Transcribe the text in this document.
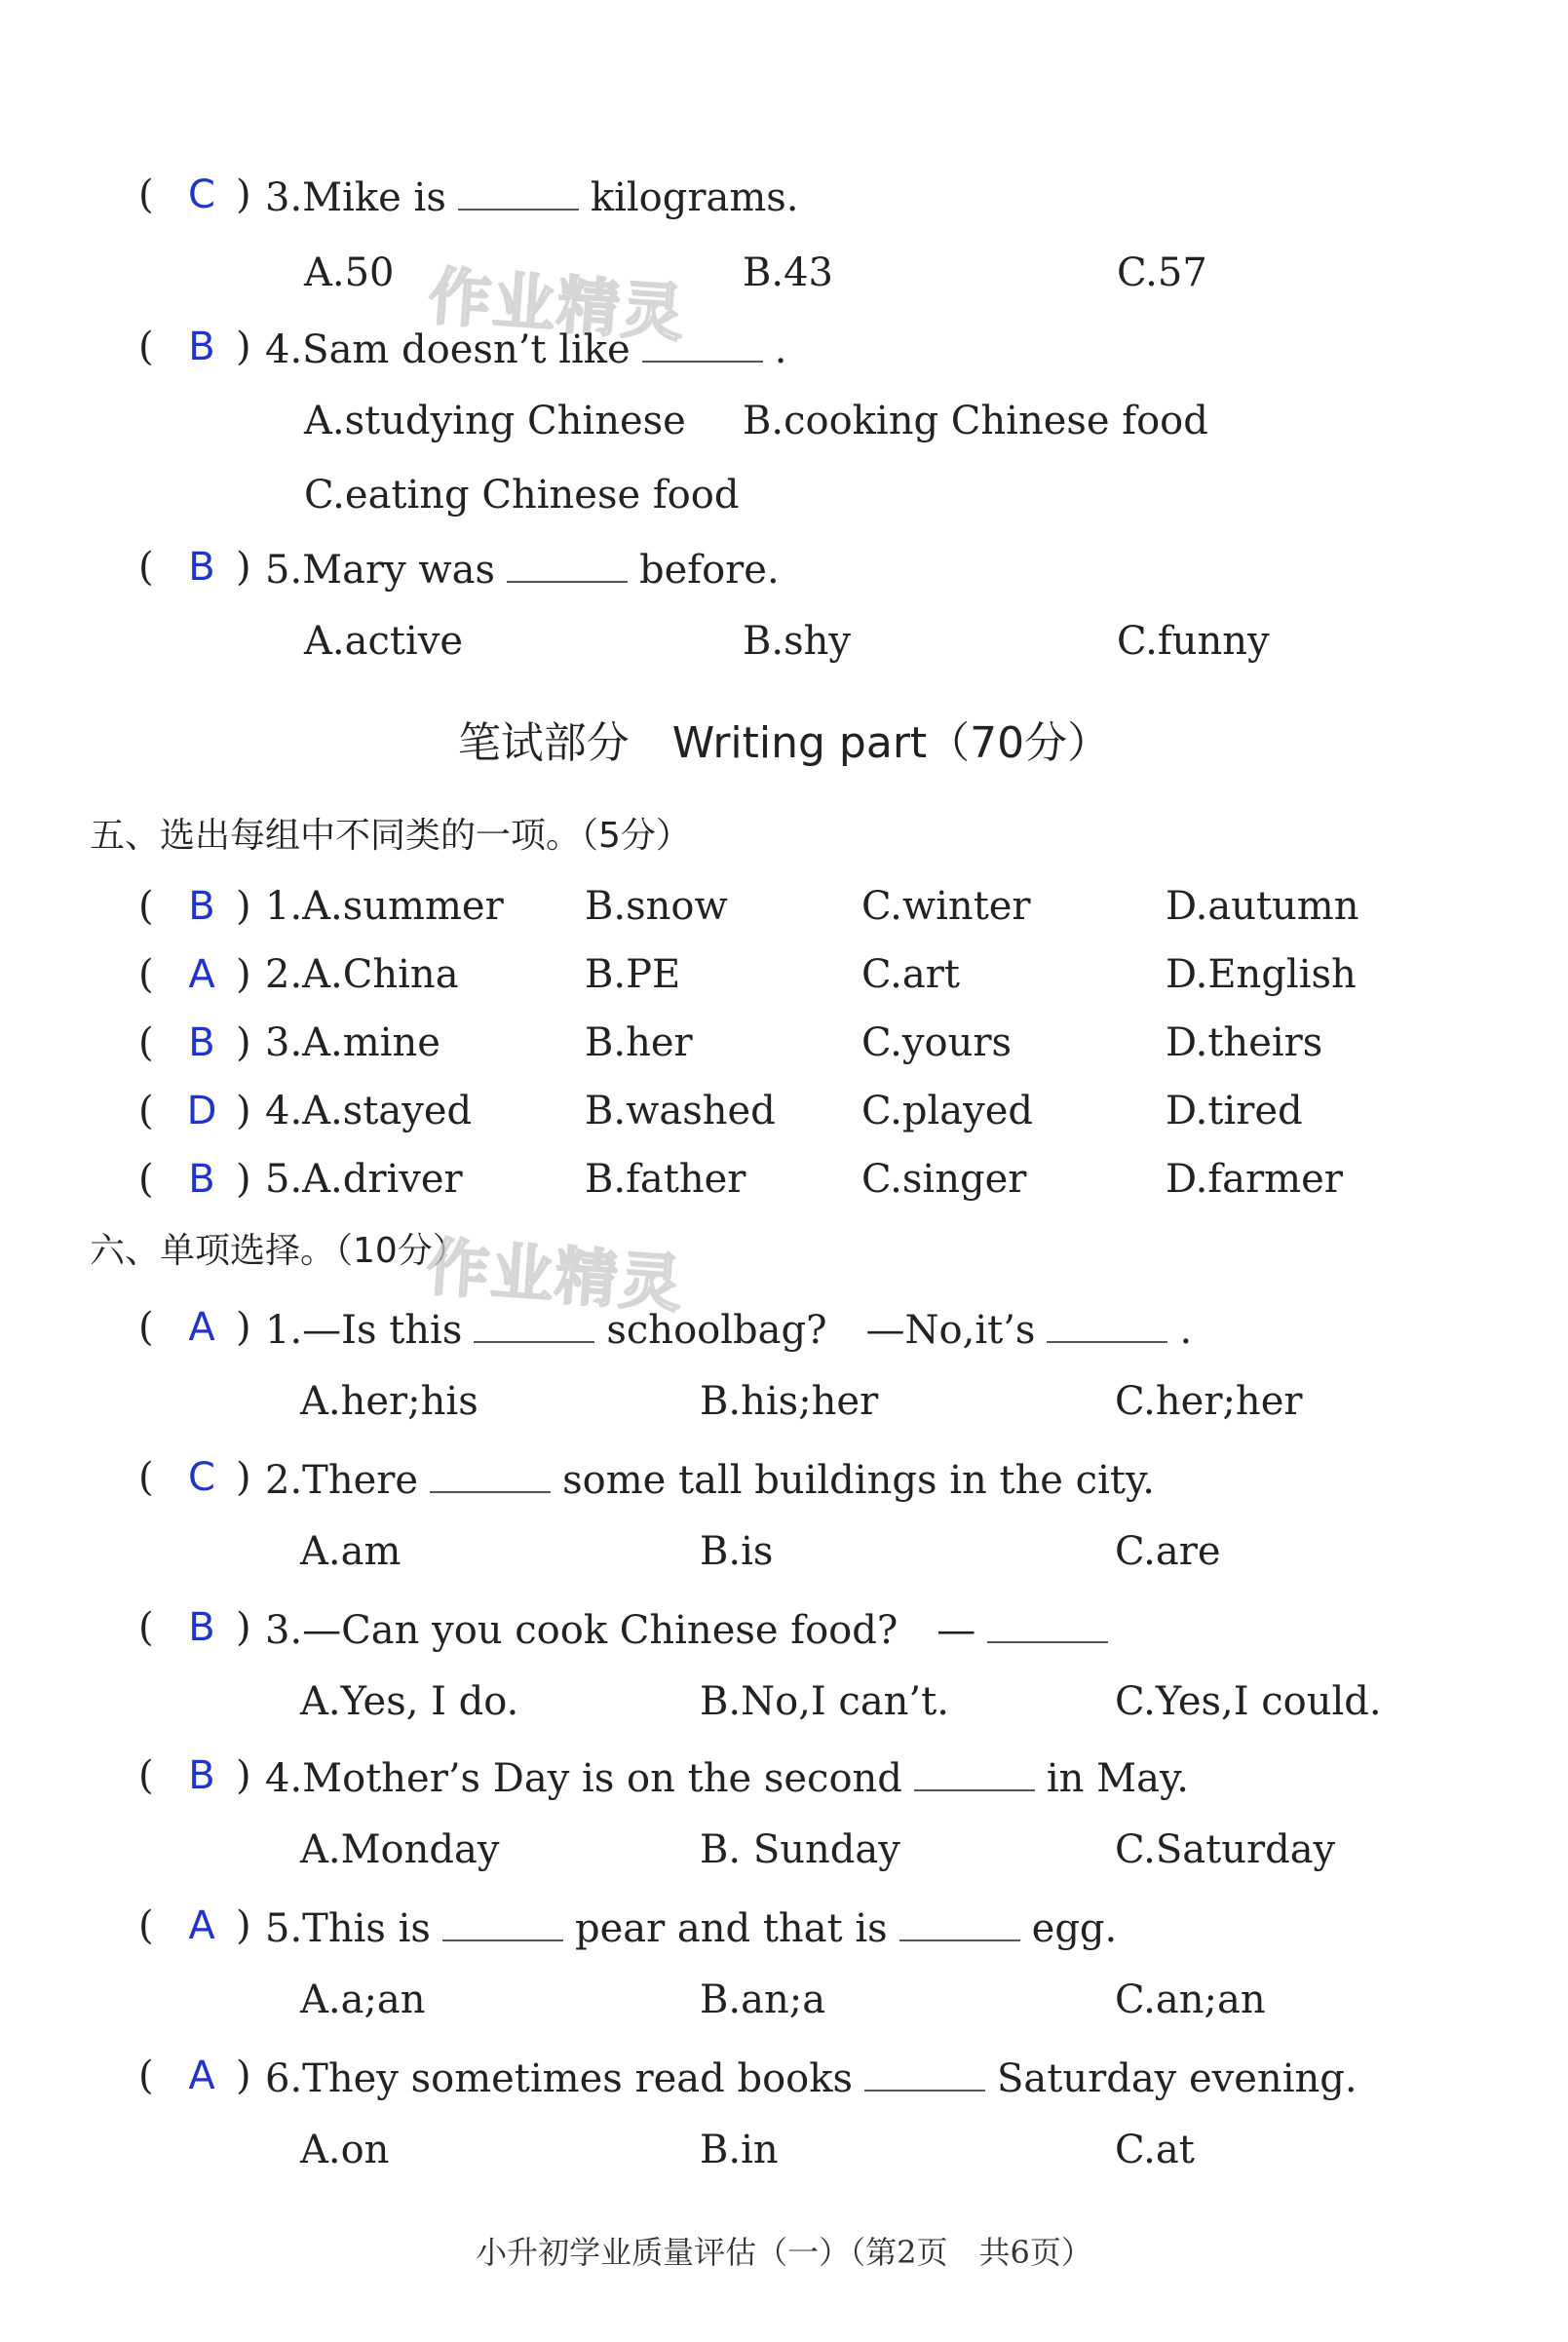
( C ) 3.Mike is	kilograms.
A.50	B.43	C.57
作业精灵
( B ) 4.Sam doesn’t like	.
A.studying Chinese B.cooking Chinese food
C.eating Chinese food
( B ) 5.Mary was	before.
A.active	B.shy	C.funny
笔试部分　Writing part（70分）
五、选出每组中不同类的一项。（5分）
( B ) 1.A.summer B.snow	C.winter	D.autumn
( A ) 2.A.China	B.PE	C.art	D.English
( B ) 3.A.mine	B.her	C.yours	D.theirs
( D ) 4.A.stayed	B.washed C.played	D.tired
( B ) 5.A.driver	B.father	C.singer	D.farmer
六、单项选择。（10分）
作业精灵
( A ) 1.—Is this	schoolbag?　—No,it’s	.
A.her;his	B.his;her	C.her;her
( C ) 2.There	some tall buildings in the city.
A.am	B.is	C.are
( B ) 3.—Can you cook Chinese food?　—
A.Yes, I do.	B.No,I can’t.	C.Yes,I could.
( B ) 4.Mother’s Day is on the second	in May.
A.Monday	B. Sunday	C.Saturday
( A ) 5.This is	pear and that is	egg.
A.a;an	B.an;a	C.an;an
( A ) 6.They sometimes read books	Saturday evening.
A.on	B.in	C.at
小升初学业质量评估（一）（第2页　共6页）
